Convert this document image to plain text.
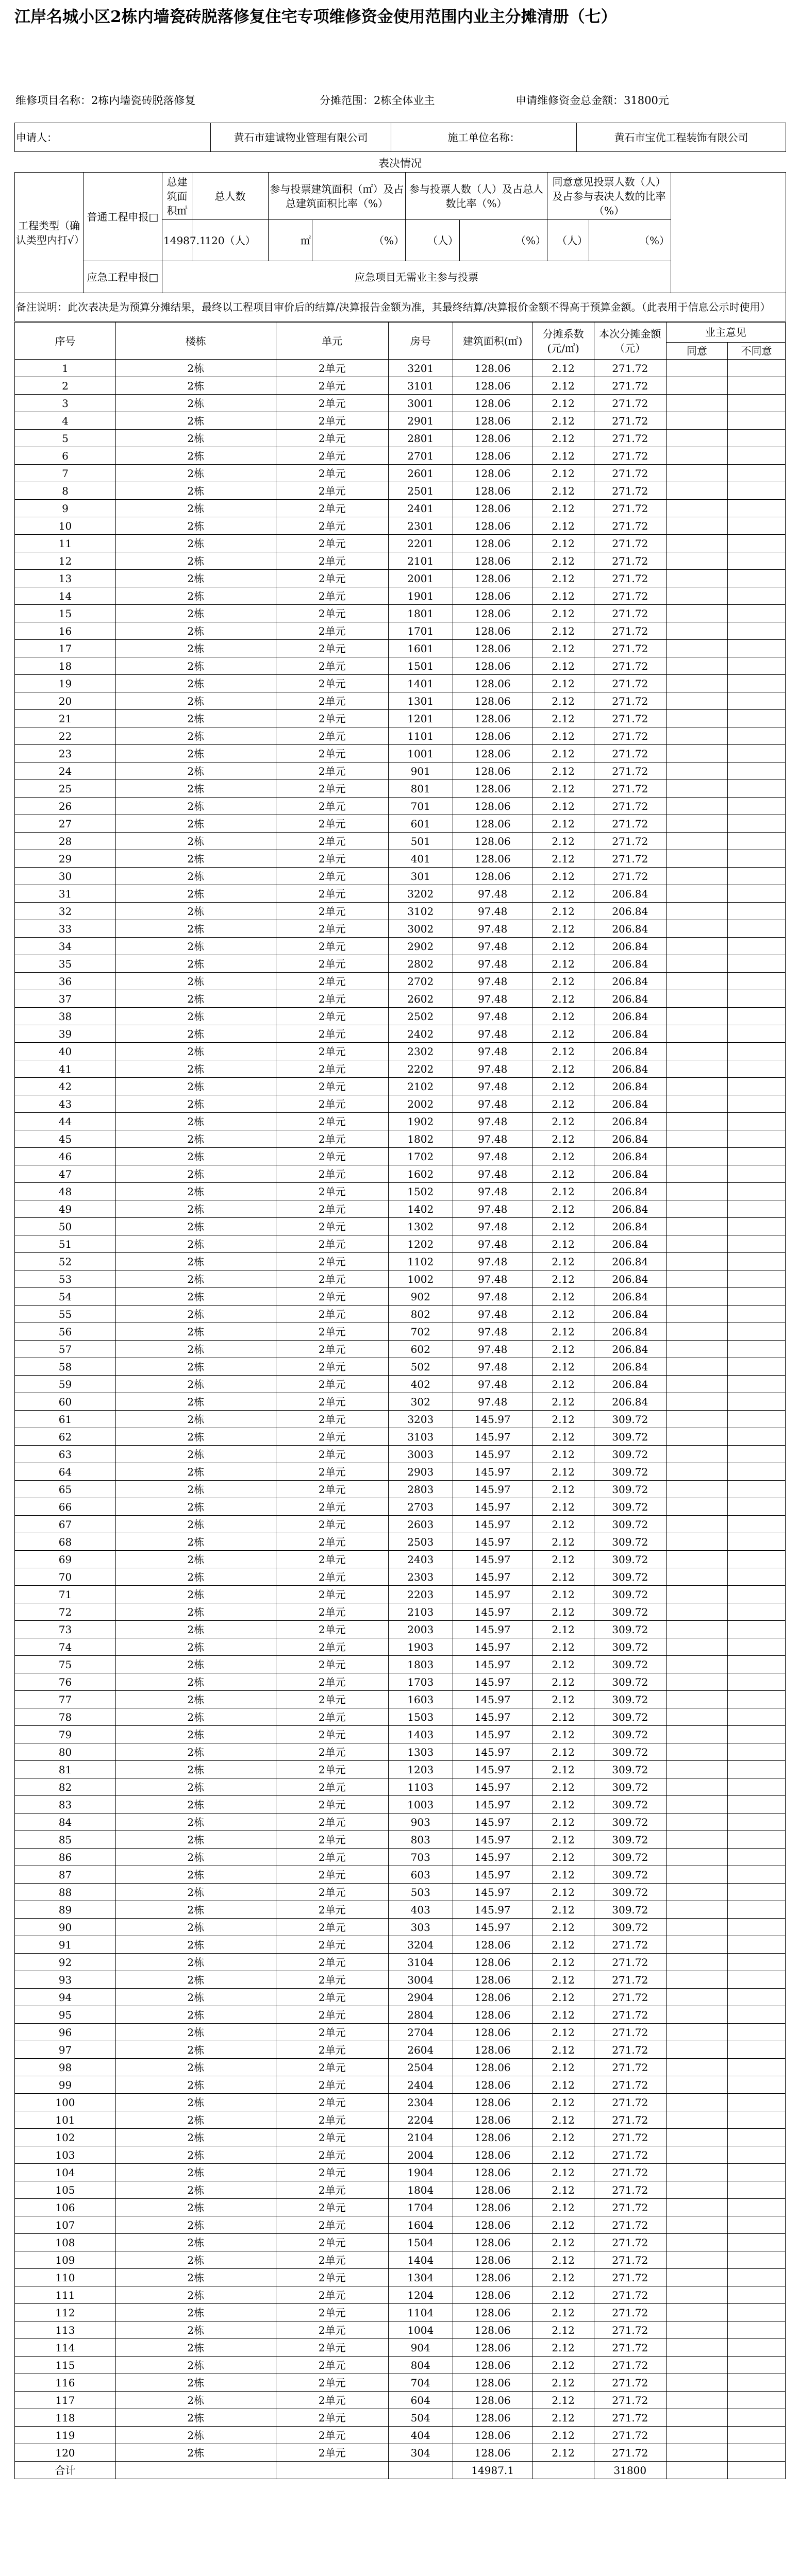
江岸名城小区2栋内墙瓷砖脱落修复住宅专项维修资金使用范围内业主分摊清册（七）
维修项目名称：2栋内墙瓷砖脱落修复	分摊范围：2栋全体业主	申请维修资金总金额：31800元
申请人：	黄石市建诚物业管理有限公司	施工单位名称：	黄石市宝优工程装饰有限公司
表决情况
工程类型（确认类型内打√）	普通工程申报□	总建筑面积㎡	总人数	参与投票建筑面积（㎡）及占总建筑面积比率（%）		参与投票人数（人）及占总人数比率（%）		同意意见投票人数（人）及占参与表决人数的比率（%）		
		14987.1	120（人）	㎡	（%）	（人）	（%）	（人）	（%）	
	应急工程申报□	应急项目无需业主参与投票								
备注说明：此次表决是为预算分摊结果，最终以工程项目审价后的结算/决算报告金额为准，其最终结算/决算报价金额不得高于预算金额。（此表用于信息公示时使用）										
序号	楼栋	单元	房号	建筑面积(㎡)	分摊系数(元/㎡)	本次分摊金额（元）	业主意见	
							同意	不同意
1	2栋	2单元	3201	128.06	2.12	271.72		
2	2栋	2单元	3101	128.06	2.12	271.72		
3	2栋	2单元	3001	128.06	2.12	271.72		
4	2栋	2单元	2901	128.06	2.12	271.72		
5	2栋	2单元	2801	128.06	2.12	271.72		
6	2栋	2单元	2701	128.06	2.12	271.72		
7	2栋	2单元	2601	128.06	2.12	271.72		
8	2栋	2单元	2501	128.06	2.12	271.72		
9	2栋	2单元	2401	128.06	2.12	271.72		
10	2栋	2单元	2301	128.06	2.12	271.72		
11	2栋	2单元	2201	128.06	2.12	271.72		
12	2栋	2单元	2101	128.06	2.12	271.72		
13	2栋	2单元	2001	128.06	2.12	271.72		
14	2栋	2单元	1901	128.06	2.12	271.72		
15	2栋	2单元	1801	128.06	2.12	271.72		
16	2栋	2单元	1701	128.06	2.12	271.72		
17	2栋	2单元	1601	128.06	2.12	271.72		
18	2栋	2单元	1501	128.06	2.12	271.72		
19	2栋	2单元	1401	128.06	2.12	271.72		
20	2栋	2单元	1301	128.06	2.12	271.72		
21	2栋	2单元	1201	128.06	2.12	271.72		
22	2栋	2单元	1101	128.06	2.12	271.72		
23	2栋	2单元	1001	128.06	2.12	271.72		
24	2栋	2单元	901	128.06	2.12	271.72		
25	2栋	2单元	801	128.06	2.12	271.72		
26	2栋	2单元	701	128.06	2.12	271.72		
27	2栋	2单元	601	128.06	2.12	271.72		
28	2栋	2单元	501	128.06	2.12	271.72		
29	2栋	2单元	401	128.06	2.12	271.72		
30	2栋	2单元	301	128.06	2.12	271.72		
31	2栋	2单元	3202	97.48	2.12	206.84		
32	2栋	2单元	3102	97.48	2.12	206.84		
33	2栋	2单元	3002	97.48	2.12	206.84		
34	2栋	2单元	2902	97.48	2.12	206.84		
35	2栋	2单元	2802	97.48	2.12	206.84		
36	2栋	2单元	2702	97.48	2.12	206.84		
37	2栋	2单元	2602	97.48	2.12	206.84		
38	2栋	2单元	2502	97.48	2.12	206.84		
39	2栋	2单元	2402	97.48	2.12	206.84		
40	2栋	2单元	2302	97.48	2.12	206.84		
41	2栋	2单元	2202	97.48	2.12	206.84		
42	2栋	2单元	2102	97.48	2.12	206.84		
43	2栋	2单元	2002	97.48	2.12	206.84		
44	2栋	2单元	1902	97.48	2.12	206.84		
45	2栋	2单元	1802	97.48	2.12	206.84		
46	2栋	2单元	1702	97.48	2.12	206.84		
47	2栋	2单元	1602	97.48	2.12	206.84		
48	2栋	2单元	1502	97.48	2.12	206.84		
49	2栋	2单元	1402	97.48	2.12	206.84		
50	2栋	2单元	1302	97.48	2.12	206.84		
51	2栋	2单元	1202	97.48	2.12	206.84		
52	2栋	2单元	1102	97.48	2.12	206.84		
53	2栋	2单元	1002	97.48	2.12	206.84		
54	2栋	2单元	902	97.48	2.12	206.84		
55	2栋	2单元	802	97.48	2.12	206.84		
56	2栋	2单元	702	97.48	2.12	206.84		
57	2栋	2单元	602	97.48	2.12	206.84		
58	2栋	2单元	502	97.48	2.12	206.84		
59	2栋	2单元	402	97.48	2.12	206.84		
60	2栋	2单元	302	97.48	2.12	206.84		
61	2栋	2单元	3203	145.97	2.12	309.72		
62	2栋	2单元	3103	145.97	2.12	309.72		
63	2栋	2单元	3003	145.97	2.12	309.72		
64	2栋	2单元	2903	145.97	2.12	309.72		
65	2栋	2单元	2803	145.97	2.12	309.72		
66	2栋	2单元	2703	145.97	2.12	309.72		
67	2栋	2单元	2603	145.97	2.12	309.72		
68	2栋	2单元	2503	145.97	2.12	309.72		
69	2栋	2单元	2403	145.97	2.12	309.72		
70	2栋	2单元	2303	145.97	2.12	309.72		
71	2栋	2单元	2203	145.97	2.12	309.72		
72	2栋	2单元	2103	145.97	2.12	309.72		
73	2栋	2单元	2003	145.97	2.12	309.72		
74	2栋	2单元	1903	145.97	2.12	309.72		
75	2栋	2单元	1803	145.97	2.12	309.72		
76	2栋	2单元	1703	145.97	2.12	309.72		
77	2栋	2单元	1603	145.97	2.12	309.72		
78	2栋	2单元	1503	145.97	2.12	309.72		
79	2栋	2单元	1403	145.97	2.12	309.72		
80	2栋	2单元	1303	145.97	2.12	309.72		
81	2栋	2单元	1203	145.97	2.12	309.72		
82	2栋	2单元	1103	145.97	2.12	309.72		
83	2栋	2单元	1003	145.97	2.12	309.72		
84	2栋	2单元	903	145.97	2.12	309.72		
85	2栋	2单元	803	145.97	2.12	309.72		
86	2栋	2单元	703	145.97	2.12	309.72		
87	2栋	2单元	603	145.97	2.12	309.72		
88	2栋	2单元	503	145.97	2.12	309.72		
89	2栋	2单元	403	145.97	2.12	309.72		
90	2栋	2单元	303	145.97	2.12	309.72		
91	2栋	2单元	3204	128.06	2.12	271.72		
92	2栋	2单元	3104	128.06	2.12	271.72		
93	2栋	2单元	3004	128.06	2.12	271.72		
94	2栋	2单元	2904	128.06	2.12	271.72		
95	2栋	2单元	2804	128.06	2.12	271.72		
96	2栋	2单元	2704	128.06	2.12	271.72		
97	2栋	2单元	2604	128.06	2.12	271.72		
98	2栋	2单元	2504	128.06	2.12	271.72		
99	2栋	2单元	2404	128.06	2.12	271.72		
100	2栋	2单元	2304	128.06	2.12	271.72		
101	2栋	2单元	2204	128.06	2.12	271.72		
102	2栋	2单元	2104	128.06	2.12	271.72		
103	2栋	2单元	2004	128.06	2.12	271.72		
104	2栋	2单元	1904	128.06	2.12	271.72		
105	2栋	2单元	1804	128.06	2.12	271.72		
106	2栋	2单元	1704	128.06	2.12	271.72		
107	2栋	2单元	1604	128.06	2.12	271.72		
108	2栋	2单元	1504	128.06	2.12	271.72		
109	2栋	2单元	1404	128.06	2.12	271.72		
110	2栋	2单元	1304	128.06	2.12	271.72		
111	2栋	2单元	1204	128.06	2.12	271.72		
112	2栋	2单元	1104	128.06	2.12	271.72		
113	2栋	2单元	1004	128.06	2.12	271.72		
114	2栋	2单元	904	128.06	2.12	271.72		
115	2栋	2单元	804	128.06	2.12	271.72		
116	2栋	2单元	704	128.06	2.12	271.72		
117	2栋	2单元	604	128.06	2.12	271.72		
118	2栋	2单元	504	128.06	2.12	271.72		
119	2栋	2单元	404	128.06	2.12	271.72		
120	2栋	2单元	304	128.06	2.12	271.72		
合计				14987.1		31800		
